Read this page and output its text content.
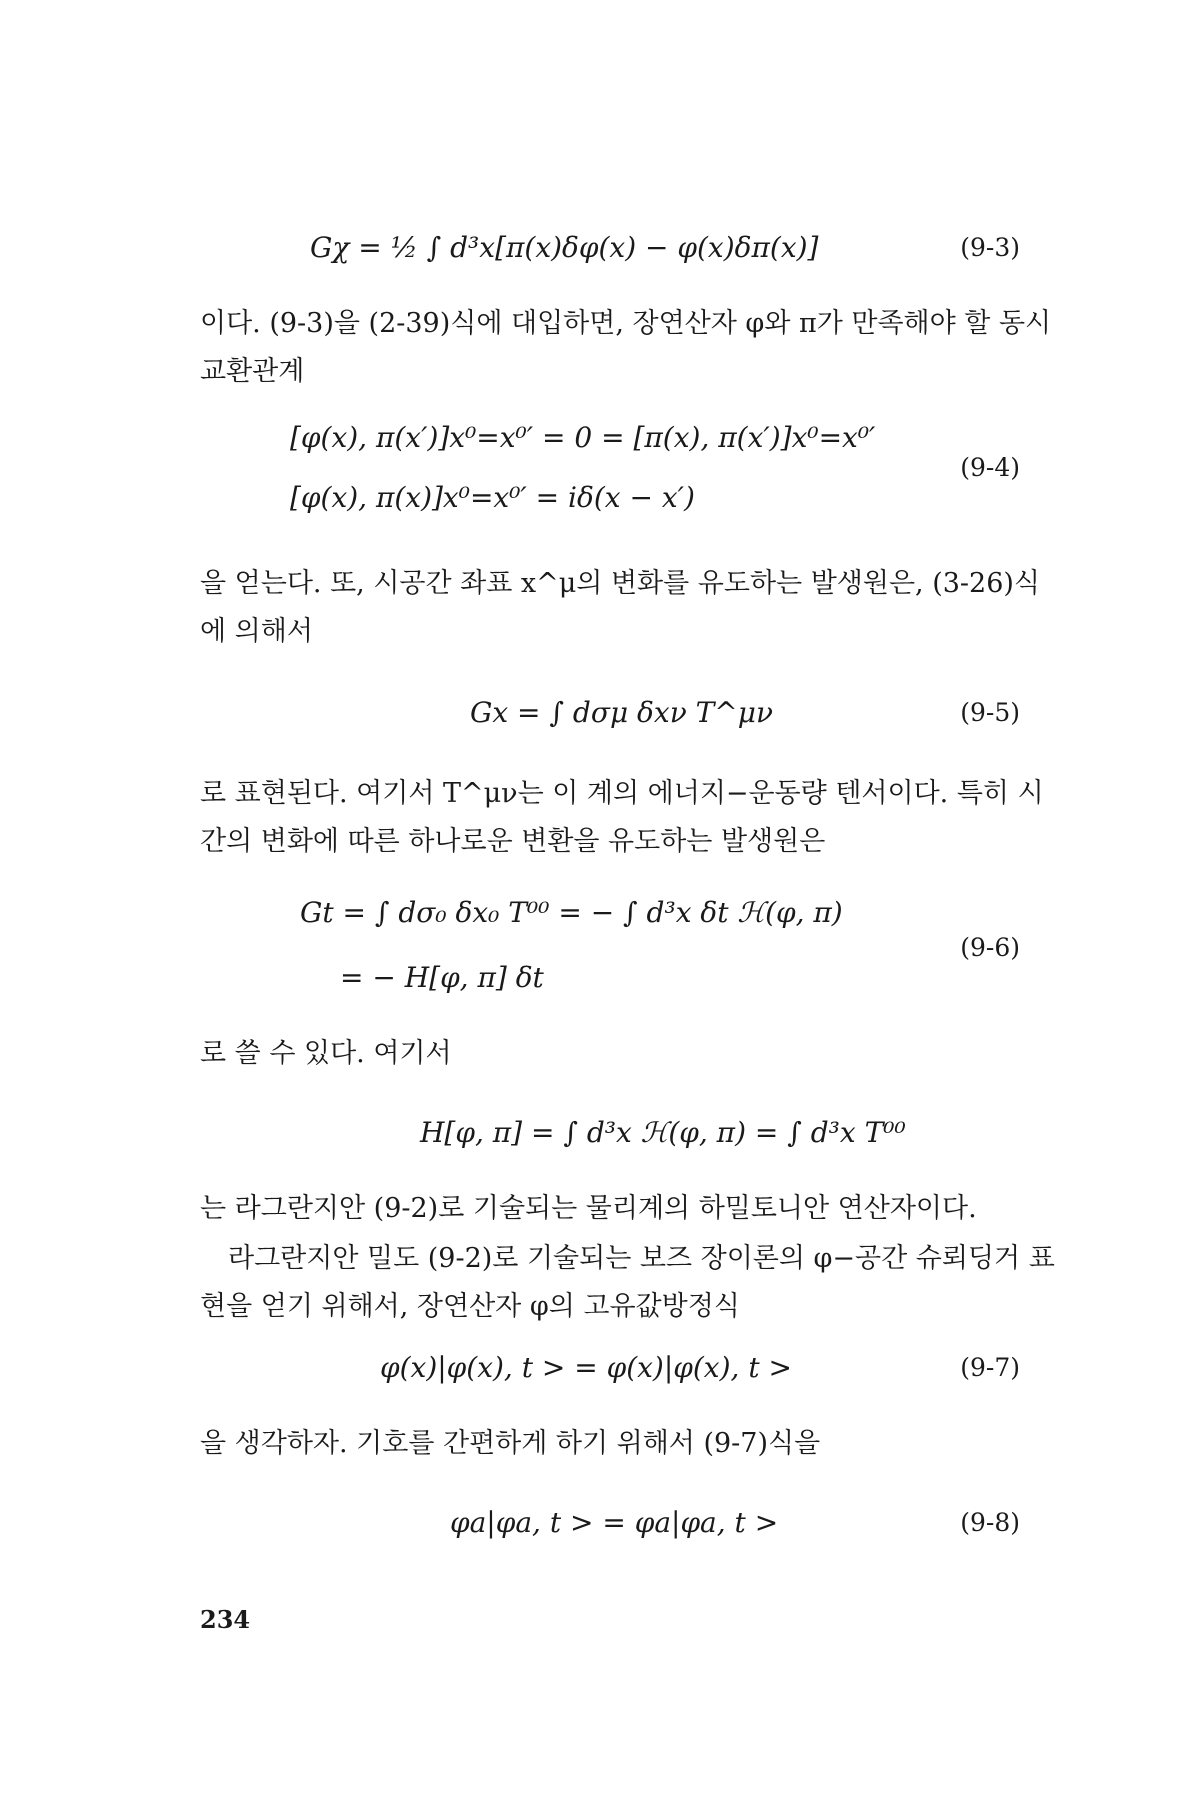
Gχ = ½ ∫ d³x[π(x)δφ(x) − φ(x)δπ(x)]	(9-3)

이다. (9-3)을 (2-39)식에 대입하면, 장연산자 φ와 π가 만족해야 할 동시 교환관계

[φ(x), π(x′)]x⁰=x⁰′ = 0 = [π(x), π(x′)]x⁰=x⁰′
[φ(x), π(x)]x⁰=x⁰′ = iδ(x − x′)
(9-4)

을 얻는다. 또, 시공간 좌표 x^μ의 변화를 유도하는 발생원은, (3-26)식에 의해서

Gx = ∫ dσμ δxν T^μν	(9-5)

로 표현된다. 여기서 T^μν는 이 계의 에너지−운동량 텐서이다. 특히 시간의 변화에 따른 하나로운 변환을 유도하는 발생원은

Gt = ∫ dσ₀ δx₀ T⁰⁰ = − ∫ d³x δt ℋ(φ, π)
= − H[φ, π] δt
(9-6)

로 쓸 수 있다. 여기서

H[φ, π] = ∫ d³x ℋ(φ, π) = ∫ d³x T⁰⁰

는 라그란지안 (9-2)로 기술되는 물리계의 하밀토니안 연산자이다.

라그란지안 밀도 (9-2)로 기술되는 보즈 장이론의 φ−공간 슈뢰딩거 표현을 얻기 위해서, 장연산자 φ의 고유값방정식

φ(x)|φ(x), t > = φ(x)|φ(x), t >	(9-7)

을 생각하자. 기호를 간편하게 하기 위해서 (9-7)식을

φa|φa, t > = φa|φa, t >	(9-8)
234
